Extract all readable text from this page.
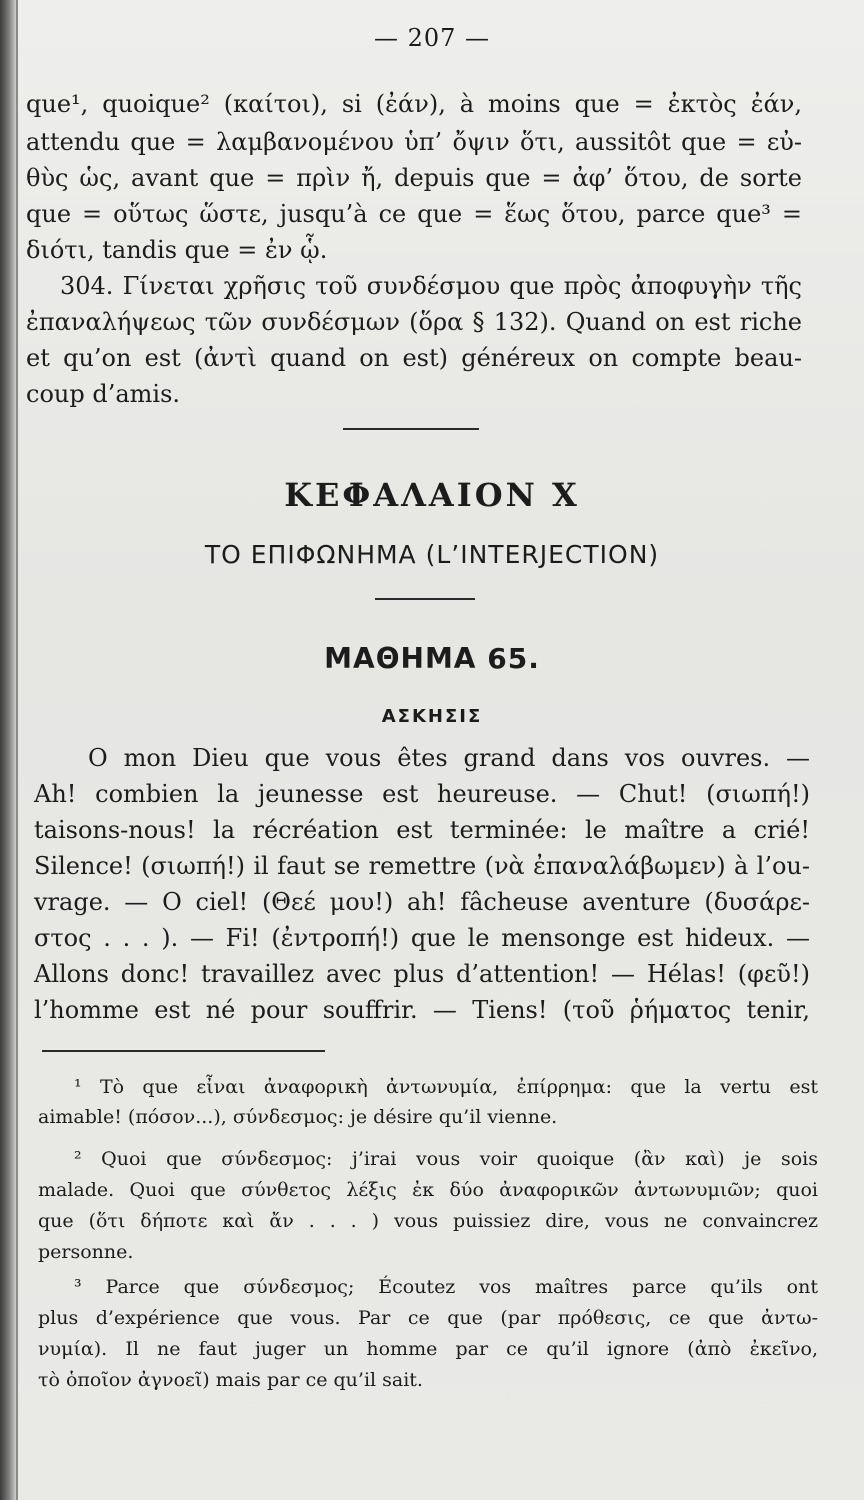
— 207 —
que¹, quoique² (καίτοι), si (ἐάν), à moins que = ἐκτὸς ἐάν,
attendu que = λαμβανομένου ὑπ’ ὄψιν ὅτι, aussitôt que = εὐ-
θὺς ὡς, avant que = πρὶν ἤ, depuis que = ἀφ’ ὅτου, de sorte
que = οὕτως ὥστε, jusqu’à ce que = ἕως ὅτου, parce que³ =
διότι, tandis que = ἐν ᾧ.
304. Γίνεται χρῆσις τοῦ συνδέσμου que πρὸς ἀποφυγὴν τῆς
ἐπαναλήψεως τῶν συνδέσμων (ὅρα § 132). Quand on est riche
et qu’on est (ἀντὶ quand on est) généreux on compte beau-
coup d’amis.
ΚΕΦΑΛΑΙΟΝ X
ΤΟ ΕΠΙΦΩΝΗΜΑ (L’INTERJECTION)
ΜΑΘΗΜΑ 65.
ΑΣΚΗΣΙΣ
O mon Dieu que vous êtes grand dans vos ouvres. —
Ah! combien la jeunesse est heureuse. — Chut! (σιωπή!)
taisons-nous! la récréation est terminée: le maître a crié!
Silence! (σιωπή!) il faut se remettre (νὰ ἐπαναλάβωμεν) à l’ou-
vrage. — O ciel! (Θεέ μου!) ah! fâcheuse aventure (δυσάρε-
στος . . . ). — Fi! (ἐντροπή!) que le mensonge est hideux. —
Allons donc! travaillez avec plus d’attention! — Hélas! (φεῦ!)
l’homme est né pour souffrir. — Tiens! (τοῦ ῥήματος tenir,
¹ Τὸ que εἶναι ἀναφορικὴ ἀντωνυμία, ἐπίρρημα: que la vertu est
aimable! (πόσον...), σύνδεσμος: je désire qu’il vienne.
² Quoi que σύνδεσμος: j’irai vous voir quoique (ἂν καὶ) je sois
malade. Quoi que σύνθετος λέξις ἐκ δύο ἀναφορικῶν ἀντωνυμιῶν; quoi
que (ὅτι δήποτε καὶ ἄν . . . ) vous puissiez dire, vous ne convaincrez
personne.
³ Parce que σύνδεσμος; Écoutez vos maîtres parce qu’ils ont
plus d’expérience que vous. Par ce que (par πρόθεσις, ce que ἀντω-
νυμία). Il ne faut juger un homme par ce qu’il ignore (ἀπὸ ἐκεῖνο,
τὸ ὁποῖον ἀγνοεῖ) mais par ce qu’il sait.
